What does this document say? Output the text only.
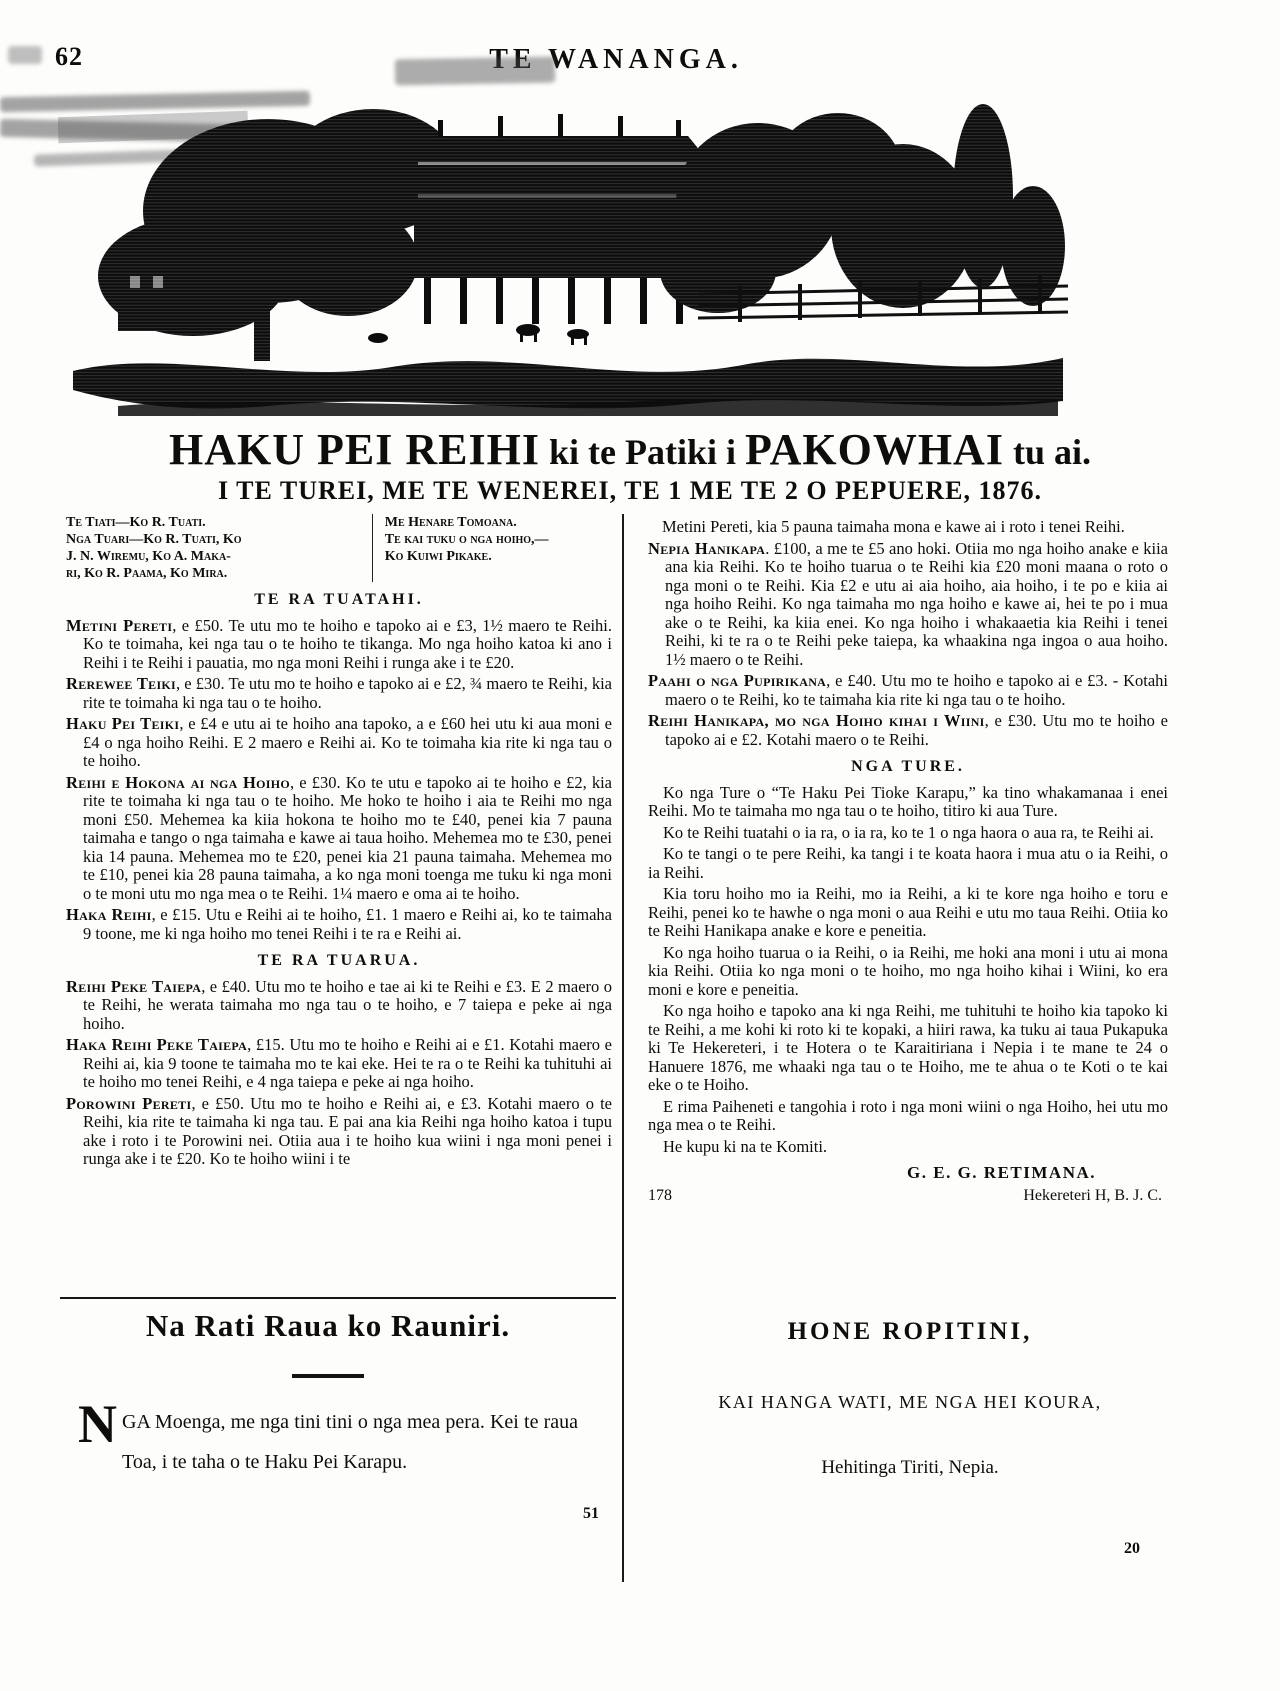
62	TE WANANGA.
HAKU PEI REIHI ki te Patiki i PAKOWHAI tu ai.
I TE TUREI, ME TE WENEREI, TE 1 ME TE 2 O PEPUERE, 1876.
Te Tiati—Ko R. Tuati.
Nga Tuari—Ko R. Tuati, Ko
J. N. Wiremu, Ko A. Maka-
ri, Ko R. Paama, Ko Mira.
Me Henare Tomoana.
Te kai tuku o nga hoiho,—
Ko Kuiwi Pikake.
TE RA TUATAHI.

Metini Pereti, e £50. Te utu mo te hoiho e tapoko ai e £3, 1½ maero te Reihi. Ko te toimaha, kei nga tau o te hoiho te tikanga. Mo nga hoiho katoa ki ano i Reihi i te Reihi i pauatia, mo nga moni Reihi i runga ake i te £20.

Rerewee Teiki, e £30. Te utu mo te hoiho e tapoko ai e £2, ¾ maero te Reihi, kia rite te toimaha ki nga tau o te hoiho.

Haku Pei Teiki, e £4 e utu ai te hoiho ana tapoko, a e £60 hei utu ki aua moni e £4 o nga hoiho Reihi. E 2 maero e Reihi ai. Ko te toimaha kia rite ki nga tau o te hoiho.

Reihi e Hokona ai nga Hoiho, e £30. Ko te utu e tapoko ai te hoiho e £2, kia rite te toimaha ki nga tau o te hoiho. Me hoko te hoiho i aia te Reihi mo nga moni £50. Mehemea ka kiia hokona te hoiho mo te £40, penei kia 7 pauna taimaha e tango o nga taimaha e kawe ai taua hoiho. Mehemea mo te £30, penei kia 14 pauna. Mehemea mo te £20, penei kia 21 pauna taimaha. Mehemea mo te £10, penei kia 28 pauna taimaha, a ko nga moni toenga me tuku ki nga moni o te moni utu mo nga mea o te Reihi. 1¼ maero e oma ai te hoiho.

Haka Reihi, e £15. Utu e Reihi ai te hoiho, £1. 1 maero e Reihi ai, ko te taimaha 9 toone, me ki nga hoiho mo tenei Reihi i te ra e Reihi ai.

TE RA TUARUA.

Reihi Peke Taiepa, e £40. Utu mo te hoiho e tae ai ki te Reihi e £3. E 2 maero o te Reihi, he werata taimaha mo nga tau o te hoiho, e 7 taiepa e peke ai nga hoiho.

Haka Reihi Peke Taiepa, £15. Utu mo te hoiho e Reihi ai e £1. Kotahi maero e Reihi ai, kia 9 toone te taimaha mo te kai eke. Hei te ra o te Reihi ka tuhituhi ai te hoiho mo tenei Reihi, e 4 nga taiepa e peke ai nga hoiho.

Porowini Pereti, e £50. Utu mo te hoiho e Reihi ai, e £3. Kotahi maero o te Reihi, kia rite te taimaha ki nga tau. E pai ana kia Reihi nga hoiho katoa i tupu ake i roto i te Porowini nei. Otiia aua i te hoiho kua wiini i nga moni penei i runga ake i te £20. Ko te hoiho wiini i te

Metini Pereti, kia 5 pauna taimaha mona e kawe ai i roto i tenei Reihi.

Nepia Hanikapa. £100, a me te £5 ano hoki. Otiia mo nga hoiho anake e kiia ana kia Reihi. Ko te hoiho tuarua o te Reihi kia £20 moni maana o roto o nga moni o te Reihi. Kia £2 e utu ai aia hoiho, aia hoiho, i te po e kiia ai nga hoiho Reihi. Ko nga taimaha mo nga hoiho e kawe ai, hei te po i mua ake o te Reihi, ka kiia enei. Ko nga hoiho i whakaaetia kia Reihi i tenei Reihi, ki te ra o te Reihi peke taiepa, ka whaakina nga ingoa o aua hoiho. 1½ maero o te Reihi.

Paahi o nga Pupirikana, e £40. Utu mo te hoiho e tapoko ai e £3. - Kotahi maero o te Reihi, ko te taimaha kia rite ki nga tau o te hoiho.

Reihi Hanikapa, mo nga Hoiho kihai i Wiini, e £30. Utu mo te hoiho e tapoko ai e £2. Kotahi maero o te Reihi.

NGA TURE.

Ko nga Ture o “Te Haku Pei Tioke Karapu,” ka tino whakamanaa i enei Reihi. Mo te taimaha mo nga tau o te hoiho, titiro ki aua Ture.

Ko te Reihi tuatahi o ia ra, o ia ra, ko te 1 o nga haora o aua ra, te Reihi ai.

Ko te tangi o te pere Reihi, ka tangi i te koata haora i mua atu o ia Reihi, o ia Reihi.

Kia toru hoiho mo ia Reihi, mo ia Reihi, a ki te kore nga hoiho e toru e Reihi, penei ko te hawhe o nga moni o aua Reihi e utu mo taua Reihi. Otiia ko te Reihi Hanikapa anake e kore e peneitia.

Ko nga hoiho tuarua o ia Reihi, o ia Reihi, me hoki ana moni i utu ai mona kia Reihi. Otiia ko nga moni o te hoiho, mo nga hoiho kihai i Wiini, ko era moni e kore e peneitia.

Ko nga hoiho e tapoko ana ki nga Reihi, me tuhituhi te hoiho kia tapoko ki te Reihi, a me kohi ki roto ki te kopaki, a hiiri rawa, ka tuku ai taua Pukapuka ki Te Hekereteri, i te Hotera o te Karaitiriana i Nepia i te mane te 24 o Hanuere 1876, me whaaki nga tau o te Hoiho, me te ahua o te Koti o te kai eke o te Hoiho.

E rima Paiheneti e tangohia i roto i nga moni wiini o nga Hoiho, hei utu mo nga mea o te Reihi.

He kupu ki na te Komiti.

178

G. E. G. RETIMANA.

Hekereteri H, B. J. C.

Na Rati Raua ko Rauniri.

NGA Moenga, me nga tini tini o nga mea pera. Kei te raua Toa, i te taha o te Haku Pei Karapu.

HONE ROPITINI,
KAI HANGA WATI, ME NGA HEI KOURA,
Hehitinga Tiriti, Nepia.
51
20
